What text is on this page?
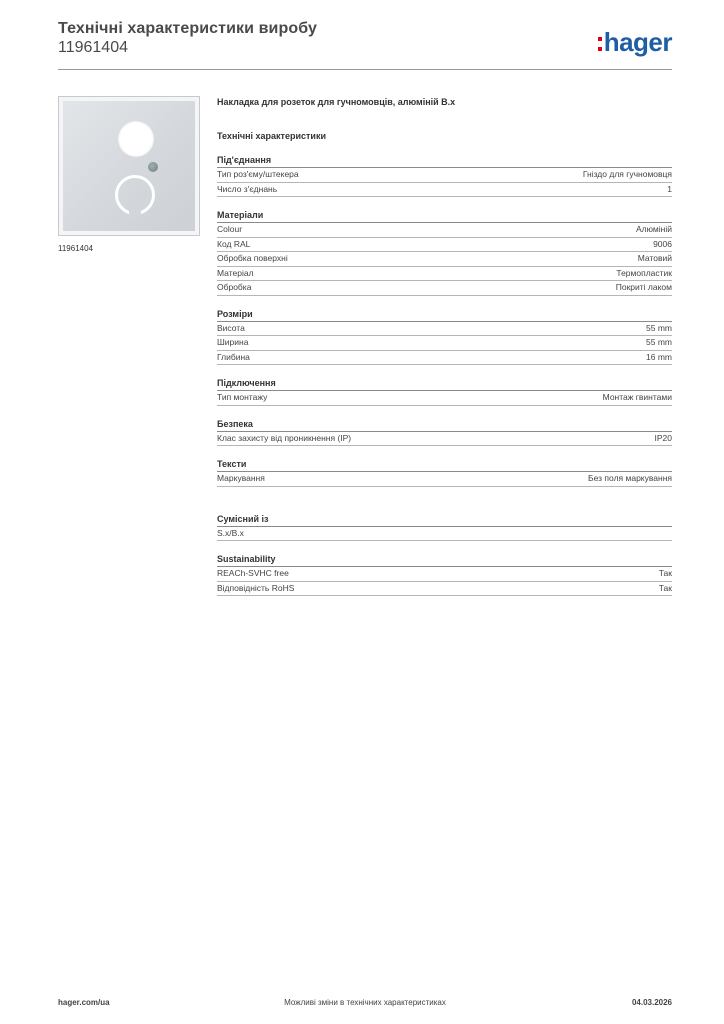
Технічні характеристики виробу
11961404	hager
11961404
Накладка для розеток для гучномовців, алюміній B.x
Технічні характеристики
Під'єднання
Тип роз'єму/штекера	Гніздо для гучномовця
Число з'єднань	1
Матеріали
Colour	Алюміній
Код RAL	9006
Обробка поверхні	Матовий
Матеріал	Термопластик
Обробка	Покриті лаком
Розміри
Висота	55 mm
Ширина	55 mm
Глибина	16 mm
Підключення
Тип монтажу	Монтаж гвинтами
Безпека
Клас захисту від проникнення (IP)	IP20
Тексти
Маркування	Без поля маркування
Сумісний із
S.x/B.x
Sustainability
REACh-SVHC free	Так
Відповідність RoHS	Так
hager.com/ua	Можливі зміни в технічних характеристиках	04.03.2026
